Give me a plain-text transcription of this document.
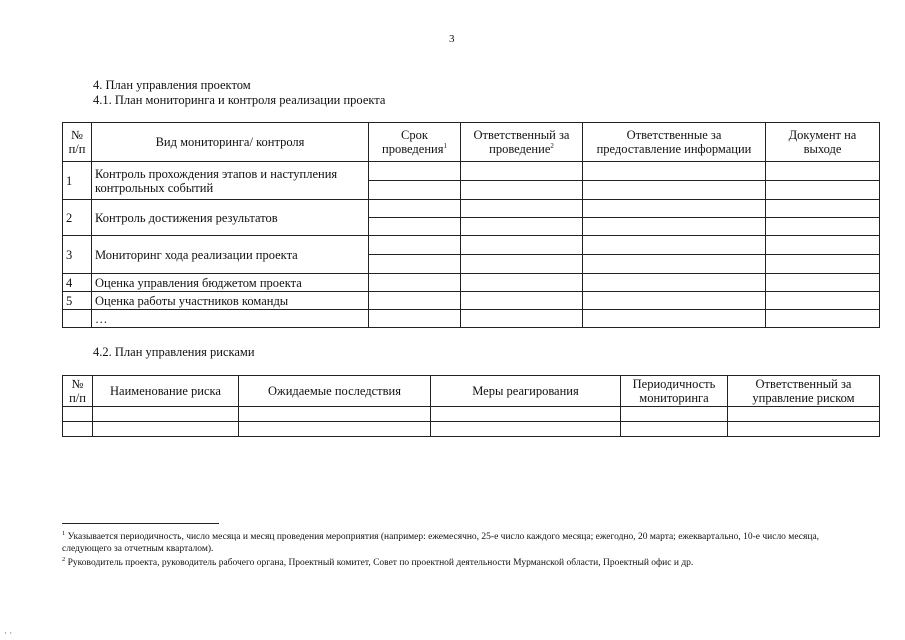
3
4. План управления проектом
4.1. План мониторинга и контроля реализации проекта
№ п/п	Вид мониторинга/ контроля	Срок проведения$^1$	Ответственный за проведение$^2$	Ответственные за предоставление информации	Документ на выходе
1	Контроль прохождения этапов и наступления контрольных событий				

2	Контроль достижения результатов				

3	Мониторинг хода реализации проекта				

4	Оценка управления бюджетом проекта				
5	Оценка работы участников команды				
	…				
4.2. План управления рисками
№ п/п	Наименование риска	Ожидаемые последствия	Меры реагирования	Периодичность мониторинга	Ответственный за управление риском

$^1$ Указывается периодичность, число месяца и месяц проведения мероприятия (например: ежемесячно, 25-е число каждого месяца; ежегодно, 20 марта; ежеквартально, 10-е число месяца, следующего за отчетным кварталом).
$^2$ Руководитель проекта, руководитель рабочего органа, Проектный комитет, Совет по проектной деятельности Мурманской области, Проектный офис и др.
· ·
